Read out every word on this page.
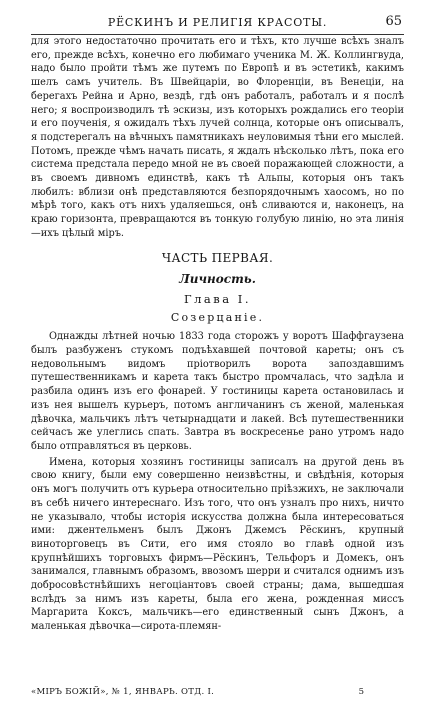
РЁСКИНЪ И РЕЛИГІЯ КРАСОТЫ.	65

для этого недостаточно прочитать его и тѣхъ, кто лучше всѣхъ зналъ его, прежде всѣхъ, конечно его любимаго ученика М. Ж. Коллингвуда, надо было пройти тѣмъ же путемъ по Европѣ и въ эстетикѣ, какимъ шелъ самъ учитель. Въ Швейцаріи, во Флоренціи, въ Венеціи, на берегахъ Рейна и Арно, вездѣ, гдѣ онъ работалъ, работалъ и я послѣ него; я воспроизводилъ тѣ эскизы, изъ которыхъ рождались его теоріи и его поученія, я ожидалъ тѣхъ лучей солнца, которые онъ описывалъ, я подстерегалъ на вѣчныхъ памятникахъ неуловимыя тѣни его мыслей. Потомъ, прежде чѣмъ начать писать, я ждалъ нѣсколько лѣтъ, пока его система предстала передо мной не въ своей поражающей сложности, а въ своемъ дивномъ единствѣ, какъ тѣ Альпы, которыя онъ такъ любилъ: вблизи онѣ представляются безпорядочнымъ хаосомъ, но по мѣрѣ того, какъ отъ нихъ удаляешься, онѣ сливаются и, наконецъ, на краю горизонта, превращаются въ тонкую голубую линію, но эта линія—ихъ цѣлый міръ.

ЧАСТЬ ПЕРВАЯ.
Личность.
Глава I.
Созерцаніе.

Однажды лѣтней ночью 1833 года сторожъ у воротъ Шаффгаузена былъ разбуженъ стукомъ подъѣхавшей почтовой кареты; онъ съ недовольнымъ видомъ пріотворилъ ворота запоздавшимъ путешественникамъ и карета такъ быстро промчалась, что задѣла и разбила одинъ изъ его фонарей. У гостиницы карета остановилась и изъ нея вышелъ курьеръ, потомъ англичанинъ съ женой, маленькая дѣвочка, мальчикъ лѣтъ четырнадцати и лакей. Всѣ путешественники сейчасъ же улеглись спать. Завтра въ воскресенье рано утромъ надо было отправляться въ церковь.

Имена, которыя хозяинъ гостиницы записалъ на другой день въ свою книгу, были ему совершенно неизвѣстны, и свѣдѣнія, которыя онъ могъ получить отъ курьера относительно пріѣзжихъ, не заключали въ себѣ ничего интереснаго. Изъ того, что онъ узналъ про нихъ, ничто не указывало, чтобы исторія искусства должна была интересоваться ими: джентельменъ былъ Джонъ Джемсъ Рёскинъ, крупный виноторговецъ въ Сити, его имя стояло во главѣ одной изъ крупнѣйшихъ торговыхъ фирмъ—Рёскинъ, Тельфоръ и Домекъ, онъ занимался, главнымъ образомъ, ввозомъ шерри и считался однимъ изъ добросовѣстнѣйшихъ негоціантовъ своей страны; дама, вышедшая вслѣдъ за нимъ изъ кареты, была его жена, рожденная миссъ Маргарита Коксъ, мальчикъ—его единственный сынъ Джонъ, а маленькая дѣвочка—сирота-племян-

«МІРЪ БОЖІЙ», № 1, ЯНВАРЬ. ОТД. I.	5
